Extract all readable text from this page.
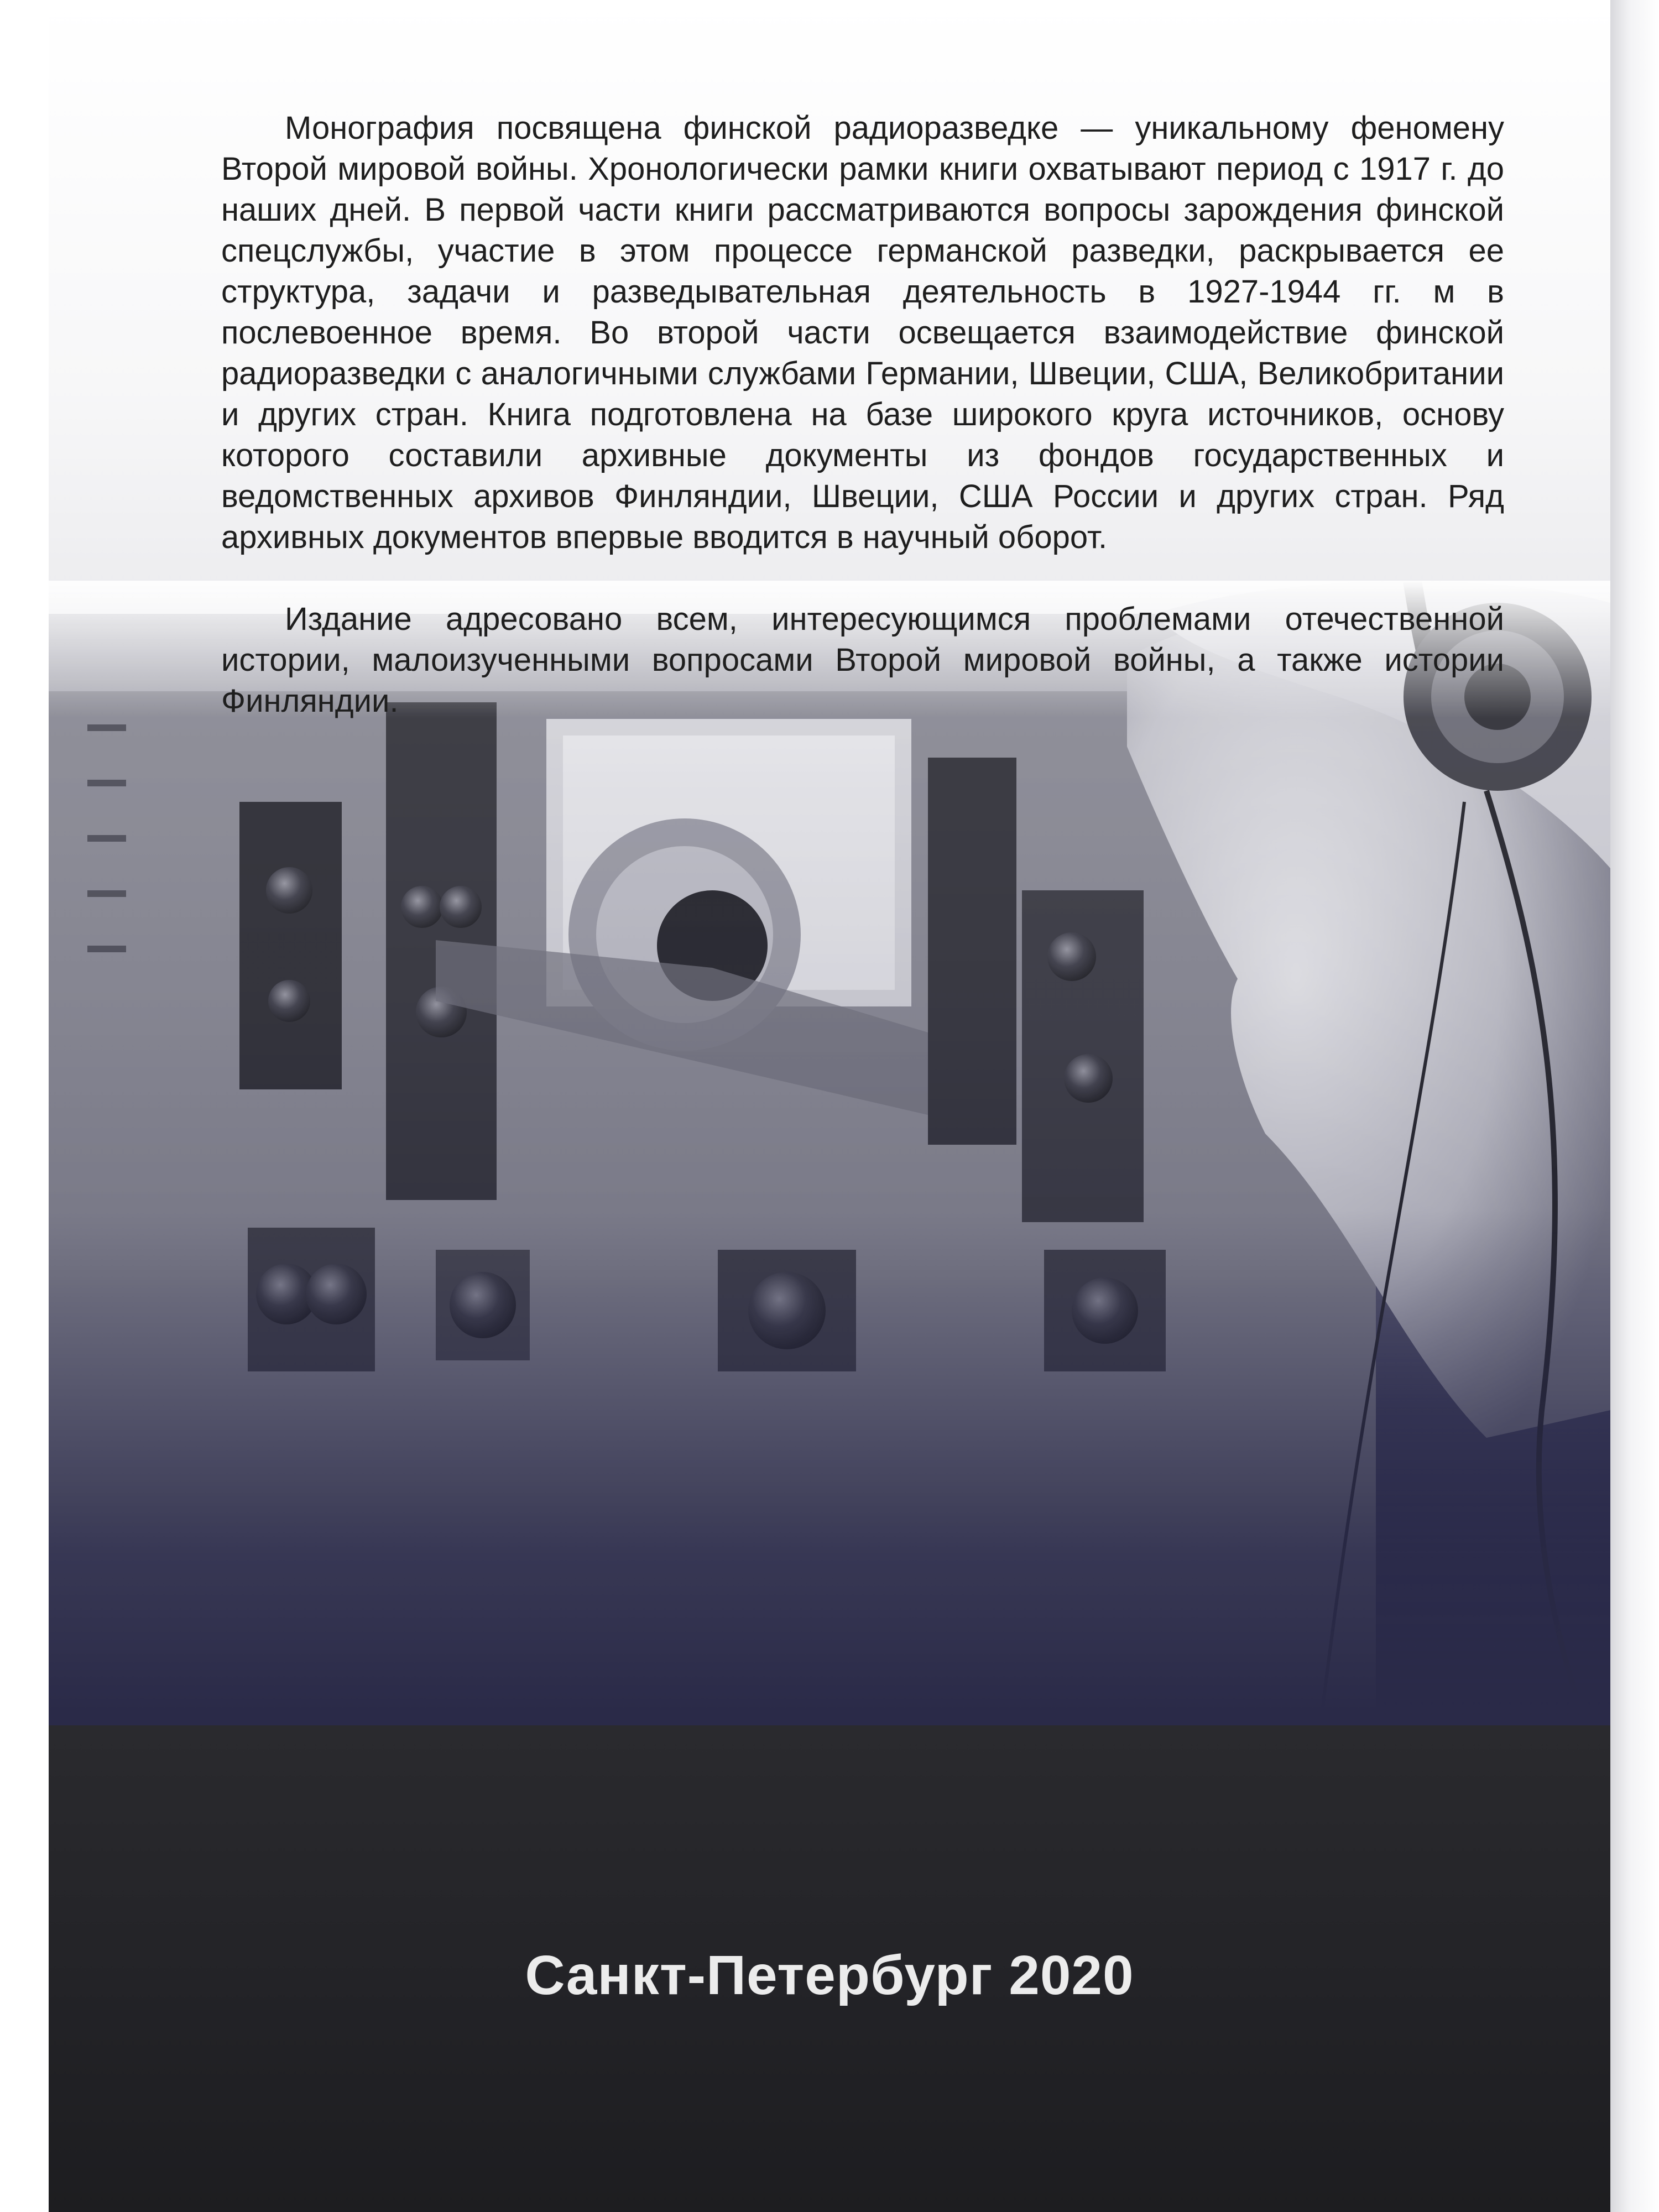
Монография посвящена финской радиоразведке — уникальному феномену Второй мировой войны. Хронологически рамки книги охватывают период с 1917 г. до наших дней. В первой части книги рассматриваются вопросы зарождения финской спецслужбы, участие в этом процессе германской разведки, раскрывается ее структура, задачи и разведывательная деятельность в 1927-1944 гг. м в послевоенное время. Во второй части освещается взаимодействие финской радиоразведки с аналогичными службами Германии, Швеции, США, Великобритании и других стран. Книга подготовлена на базе широкого круга источников, основу которого составили архивные документы из фондов государственных и ведомственных архивов Финляндии, Швеции, США России и других стран. Ряд архивных документов впервые вводится в научный оборот.

Издание адресовано всем, интересующимся проблемами отечественной истории, малоизученными вопросами Второй мировой войны, а также истории Финляндии.

Санкт-Петербург 2020
